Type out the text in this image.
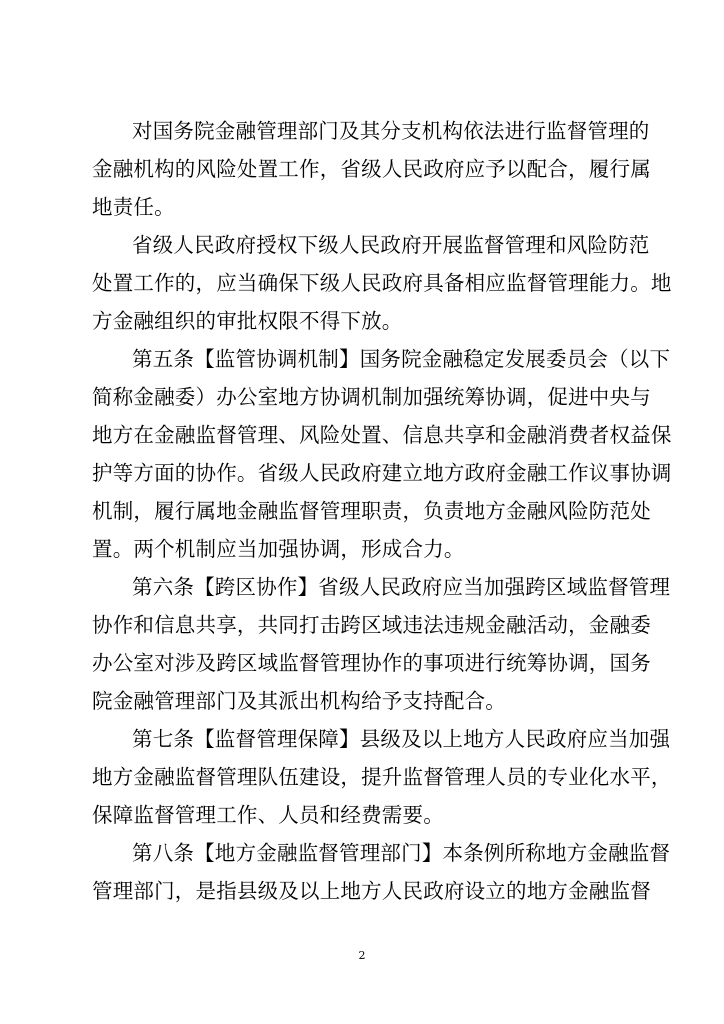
对国务院金融管理部门及其分支机构依法进行监督管理的
金融机构的风险处置工作，省级人民政府应予以配合，履行属
地责任。
省级人民政府授权下级人民政府开展监督管理和风险防范
处置工作的，应当确保下级人民政府具备相应监督管理能力。地
方金融组织的审批权限不得下放。
第五条【监管协调机制】国务院金融稳定发展委员会（以下
简称金融委）办公室地方协调机制加强统筹协调，促进中央与
地方在金融监督管理、风险处置、信息共享和金融消费者权益保
护等方面的协作。省级人民政府建立地方政府金融工作议事协调
机制，履行属地金融监督管理职责，负责地方金融风险防范处
置。两个机制应当加强协调，形成合力。
第六条【跨区协作】省级人民政府应当加强跨区域监督管理
协作和信息共享，共同打击跨区域违法违规金融活动，金融委
办公室对涉及跨区域监督管理协作的事项进行统筹协调，国务
院金融管理部门及其派出机构给予支持配合。
第七条【监督管理保障】县级及以上地方人民政府应当加强
地方金融监督管理队伍建设，提升监督管理人员的专业化水平，
保障监督管理工作、人员和经费需要。
第八条【地方金融监督管理部门】本条例所称地方金融监督
管理部门，是指县级及以上地方人民政府设立的地方金融监督
2
